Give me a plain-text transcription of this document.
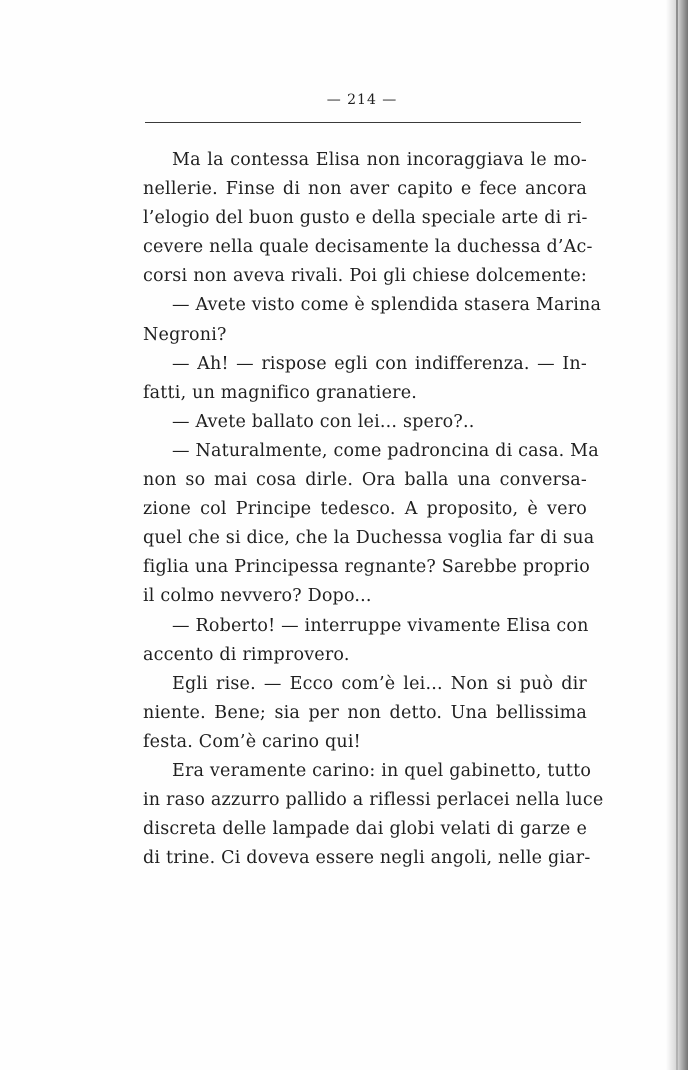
— 214 —
Ma la contessa Elisa non incoraggiava le mo-
nellerie. Finse di non aver capito e fece ancora
l’elogio del buon gusto e della speciale arte di ri-
cevere nella quale decisamente la duchessa d’Ac-
corsi non aveva rivali. Poi gli chiese dolcemente:
— Avete visto come è splendida stasera Marina
Negroni?
— Ah! — rispose egli con indifferenza. — In-
fatti, un magnifico granatiere.
— Avete ballato con lei... spero?..
— Naturalmente, come padroncina di casa. Ma
non so mai cosa dirle. Ora balla una conversa-
zione col Principe tedesco. A proposito, è vero
quel che si dice, che la Duchessa voglia far di sua
figlia una Principessa regnante? Sarebbe proprio
il colmo nevvero? Dopo...
— Roberto! — interruppe vivamente Elisa con
accento di rimprovero.
Egli rise. — Ecco com’è lei... Non si può dir
niente. Bene; sia per non detto. Una bellissima
festa. Com’è carino qui!
Era veramente carino: in quel gabinetto, tutto
in raso azzurro pallido a riflessi perlacei nella luce
discreta delle lampade dai globi velati di garze e
di trine. Ci doveva essere negli angoli, nelle giar-
